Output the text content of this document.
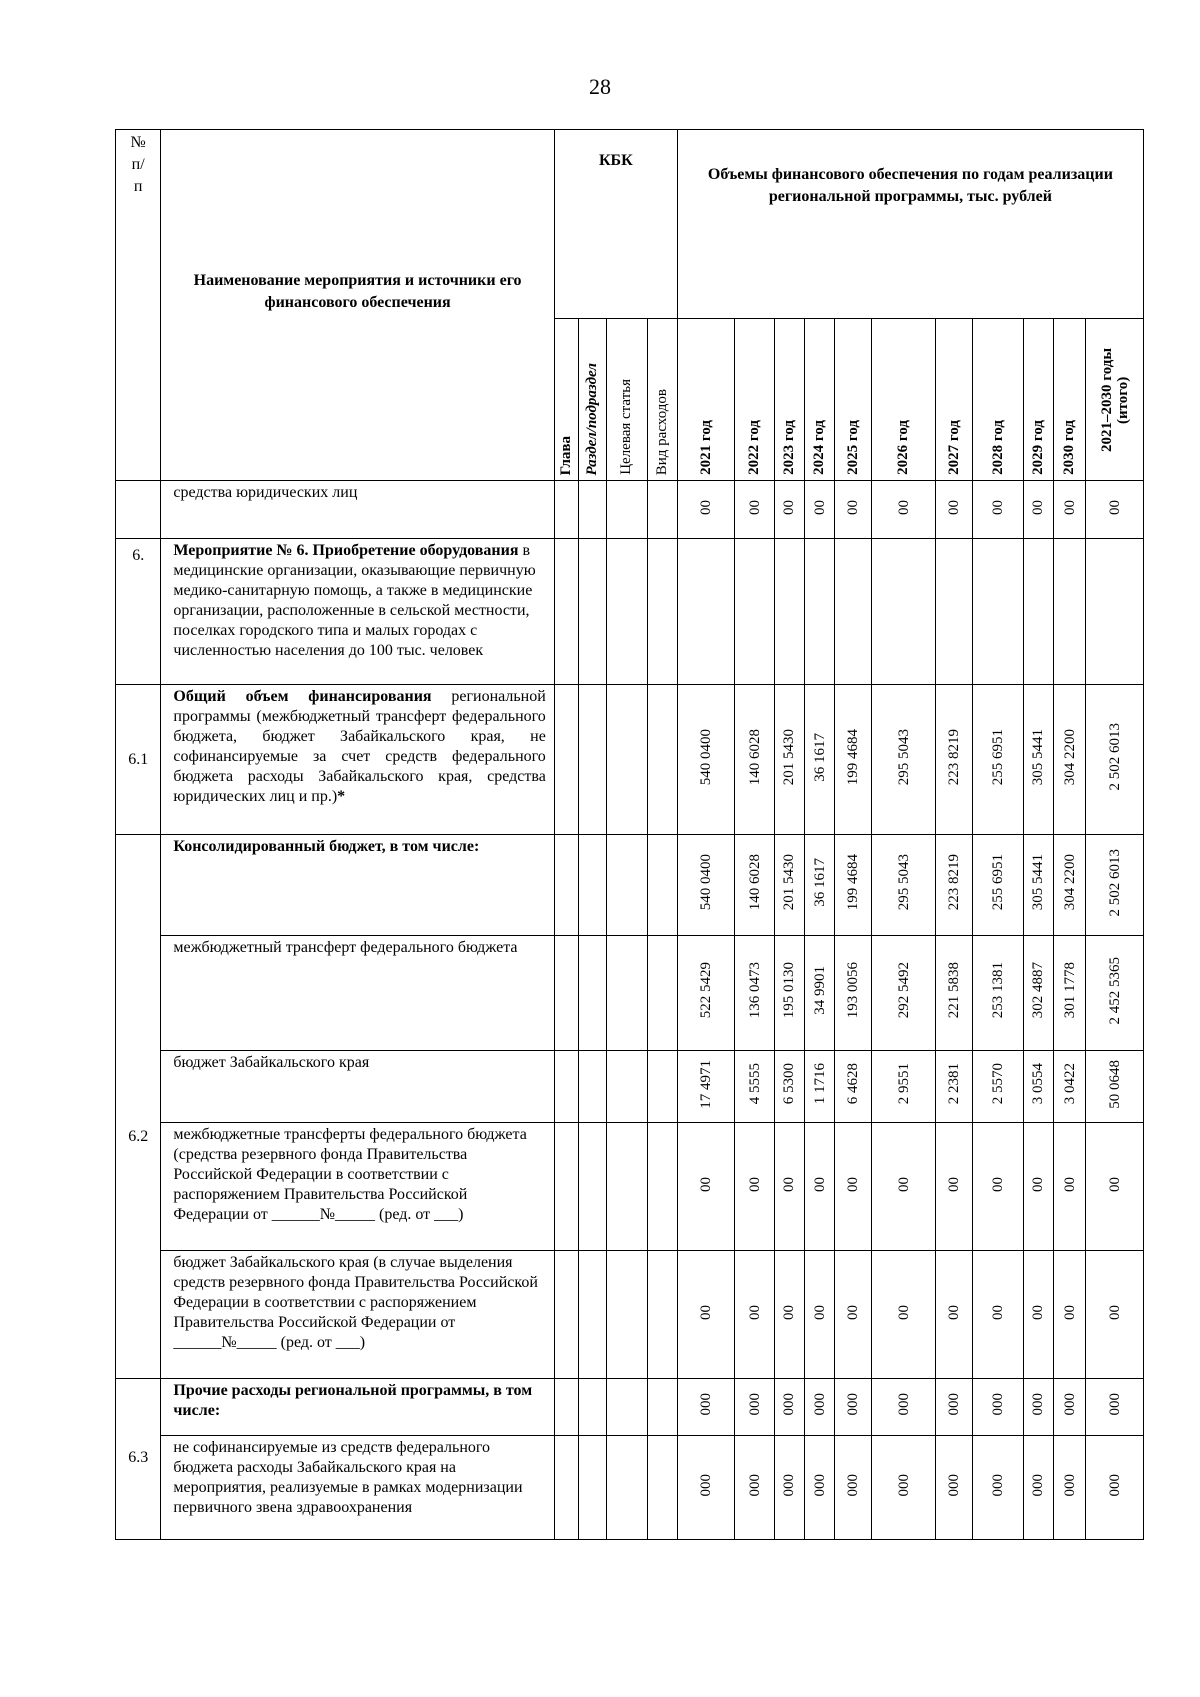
28
№ п/ п	Наименование мероприятия и источники его финансового обеспечения	КБК				Объемы финансового обеспечения по годам реализации региональной программы, тыс. рублей										

		Глава	Раздел/подраздел	Целевая статья	Вид расходов	2021 год	2022 год	2023 год	2024 год	2025 год	2026 год	2027 год	2028 год	2029 год	2030 год	2021–2030 годы (итого)
	средства юридических лиц					00	00	00	00	00	00	00	00	00	00	00
6.	Мероприятие № 6. Приобретение оборудования в медицинские организации, оказывающие первичную медико-санитарную помощь, а также в медицинские организации, расположенные в сельской местности, поселках городского типа и малых городах с численностью населения до 100 тыс. человек															
6.1	Общий объем финансирования региональной программы (межбюджетный трансферт федерального бюджета, бюджет Забайкальского края, не софинансируемые за счет средств федерального бюджета расходы Забайкальского края, средства юридических лиц и пр.)*					540 0400	140 6028	201 5430	36 1617	199 4684	295 5043	223 8219	255 6951	305 5441	304 2200	2 502 6013
6.2	Консолидированный бюджет, в том числе:					540 0400	140 6028	201 5430	36 1617	199 4684	295 5043	223 8219	255 6951	305 5441	304 2200	2 502 6013
	межбюджетный трансферт федерального бюджета					522 5429	136 0473	195 0130	34 9901	193 0056	292 5492	221 5838	253 1381	302 4887	301 1778	2 452 5365
	бюджет Забайкальского края					17 4971	4 5555	6 5300	1 1716	6 4628	2 9551	2 2381	2 5570	3 0554	3 0422	50 0648
	межбюджетные трансферты федерального бюджета (средства резервного фонда Правительства Российской Федерации в соответствии с распоряжением Правительства Российской Федерации от ______№_____ (ред. от ___)					00	00	00	00	00	00	00	00	00	00	00
	бюджет Забайкальского края (в случае выделения средств резервного фонда Правительства Российской Федерации в соответствии с распоряжением Правительства Российской Федерации от ______№_____ (ред. от ___)					00	00	00	00	00	00	00	00	00	00	00
6.3	Прочие расходы региональной программы, в том числе:					000	000	000	000	000	000	000	000	000	000	000
	не софинансируемые из средств федерального бюджета расходы Забайкальского края на мероприятия, реализуемые в рамках модернизации первичного звена здравоохранения					000	000	000	000	000	000	000	000	000	000	000
